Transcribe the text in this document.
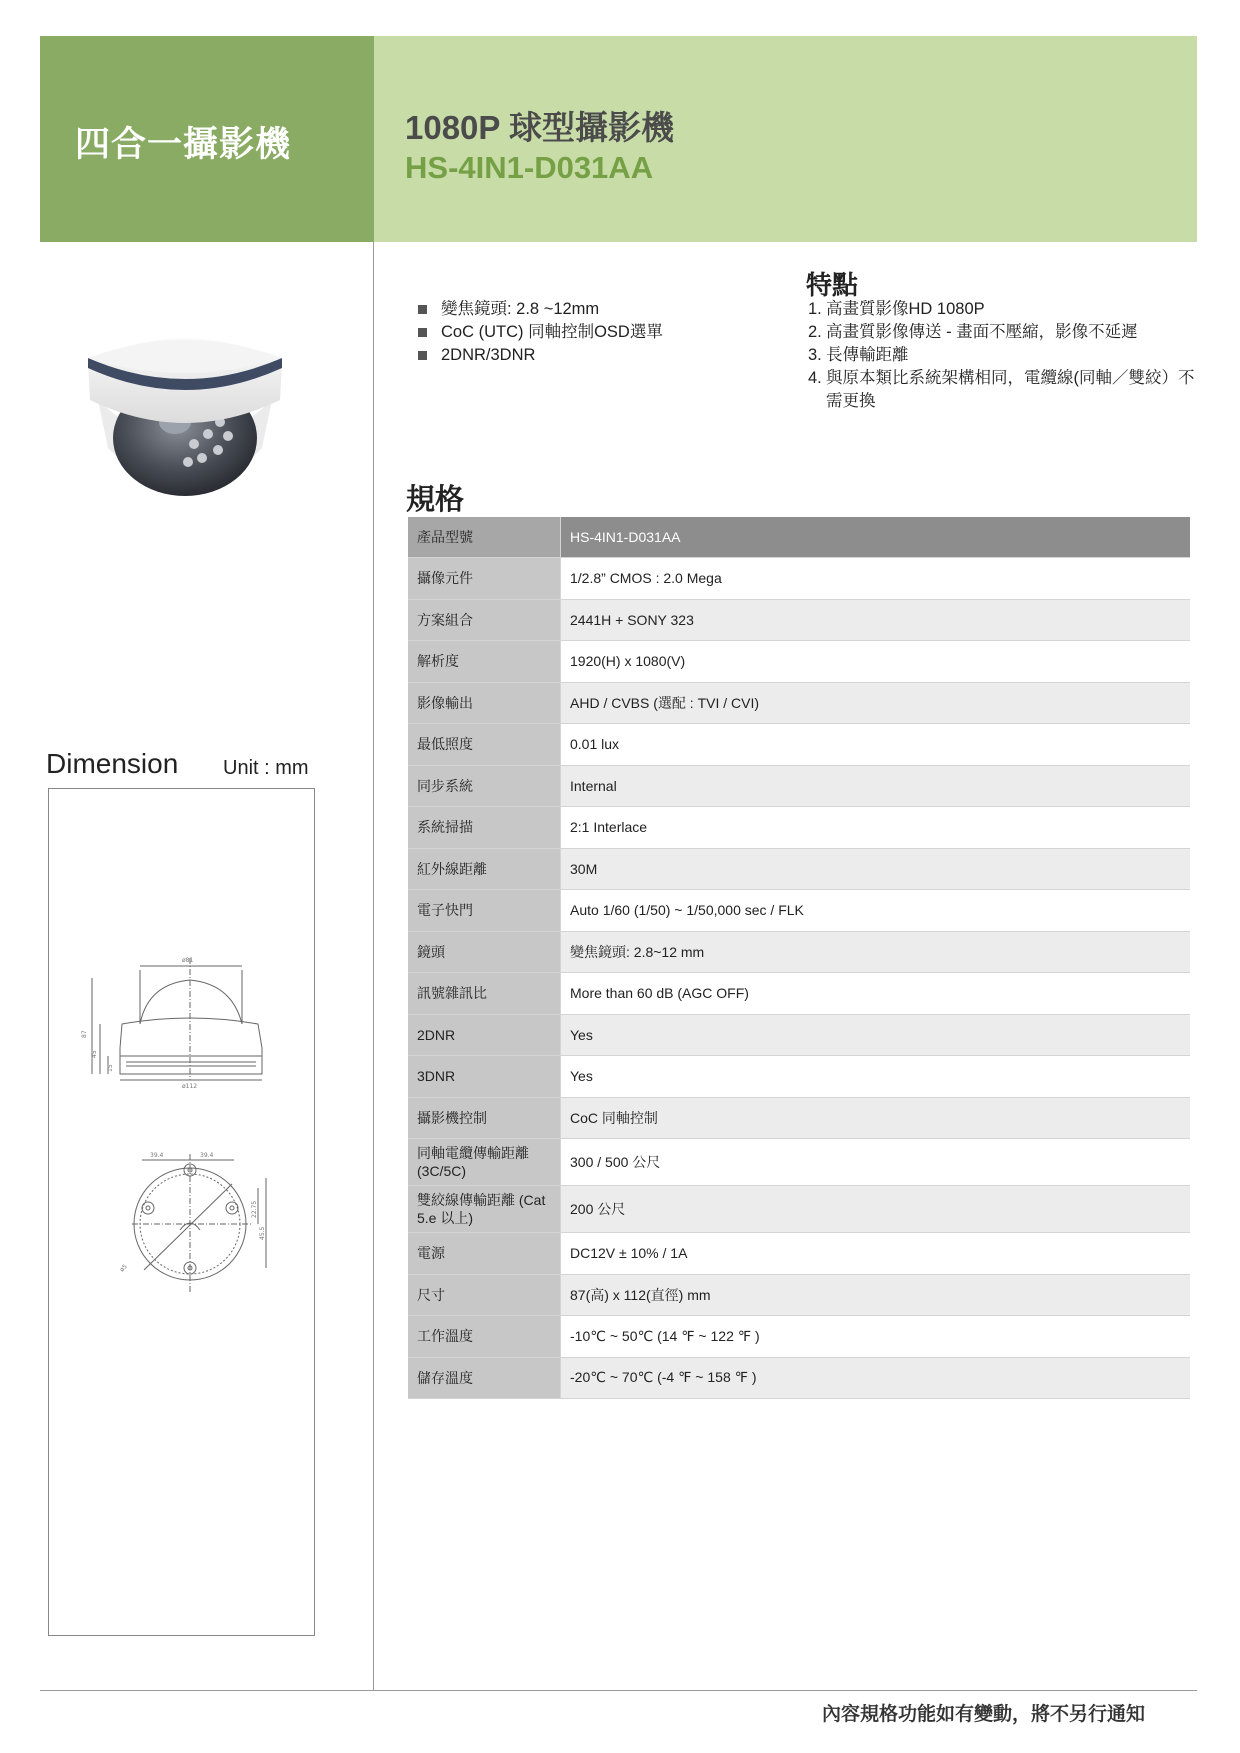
四合一攝影機	1080P 球型攝影機
HS-4IN1-D031AA
變焦鏡頭: 2.8 ~12mm
CoC (UTC) 同軸控制OSD選單
2DNR/3DNR
特點
1. 高畫質影像HD 1080P
2. 高畫質影像傳送 - 畫面不壓縮，影像不延遲
3. 長傳輸距離
4. 與原本類比系統架構相同，電纜線(同軸／雙絞）不需更換
規格
產品型號	HS-4IN1-D031AA
攝像元件	1/2.8” CMOS : 2.0 Mega
方案組合	2441H + SONY 323
解析度	1920(H) x 1080(V)
影像輸出	AHD / CVBS (選配 : TVI / CVI)
最低照度	0.01 lux
同步系統	Internal
系統掃描	2:1 Interlace
紅外線距離	30M
電子快門	Auto 1/60 (1/50) ~ 1/50,000 sec / FLK
鏡頭	變焦鏡頭: 2.8~12 mm
訊號雜訊比	More than 60 dB (AGC OFF)
2DNR	Yes
3DNR	Yes
攝影機控制	CoC 同軸控制
同軸電纜傳輸距離 (3C/5C)	300 / 500 公尺
雙絞線傳輸距離 (Cat 5.e 以上)	200 公尺
電源	DC12V ± 10% / 1A
尺寸	87(高) x 112(直徑) mm
工作溫度	-10℃ ~ 50℃ (14 ℉ ~ 122 ℉ )
儲存溫度	-20℃ ~ 70℃ (-4 ℉ ~ 158 ℉ )
Dimension Unit : mm
ø81
ø112
87
45
15
39.4	39.4
22.75
45.5
ø5
內容規格功能如有變動，將不另行通知
